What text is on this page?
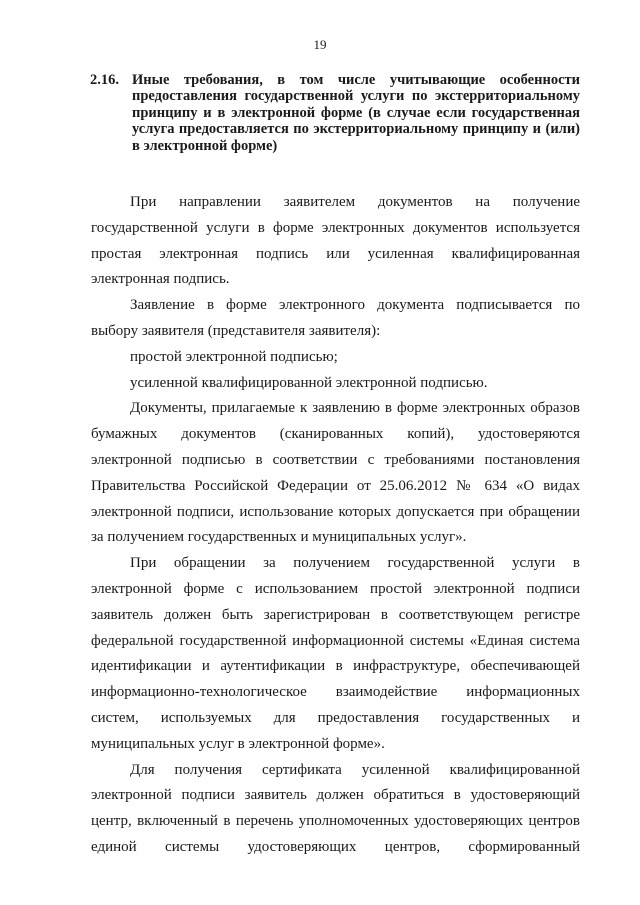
19
2.16. Иные требования, в том числе учитывающие особенности предоставления государственной услуги по экстерриториальному принципу и в электронной форме (в случае если государственная услуга предоставляется по экстерриториальному принципу и (или) в электронной форме)

При направлении заявителем документов на получение государственной услуги в форме электронных документов используется простая электронная подпись или усиленная квалифицированная электронная подпись.

Заявление в форме электронного документа подписывается по выбору заявителя (представителя заявителя):

простой электронной подписью;

усиленной квалифицированной электронной подписью.

Документы, прилагаемые к заявлению в форме электронных образов бумажных документов (сканированных копий), удостоверяются электронной подписью в соответствии с требованиями постановления Правительства Российской Федерации от 25.06.2012 № 634 «О видах электронной подписи, использование которых допускается при обращении за получением государственных и муниципальных услуг».

При обращении за получением государственной услуги в электронной форме с использованием простой электронной подписи заявитель должен быть зарегистрирован в соответствующем регистре федеральной государственной информационной системы «Единая система идентификации и аутентификации в инфраструктуре, обеспечивающей информационно-технологическое взаимодействие информационных систем, используемых для предоставления государственных и муниципальных услуг в электронной форме».

Для получения сертификата усиленной квалифицированной электронной подписи заявитель должен обратиться в удостоверяющий центр, включенный в перечень уполномоченных удостоверяющих центров единой системы удостоверяющих центров, сформированный
